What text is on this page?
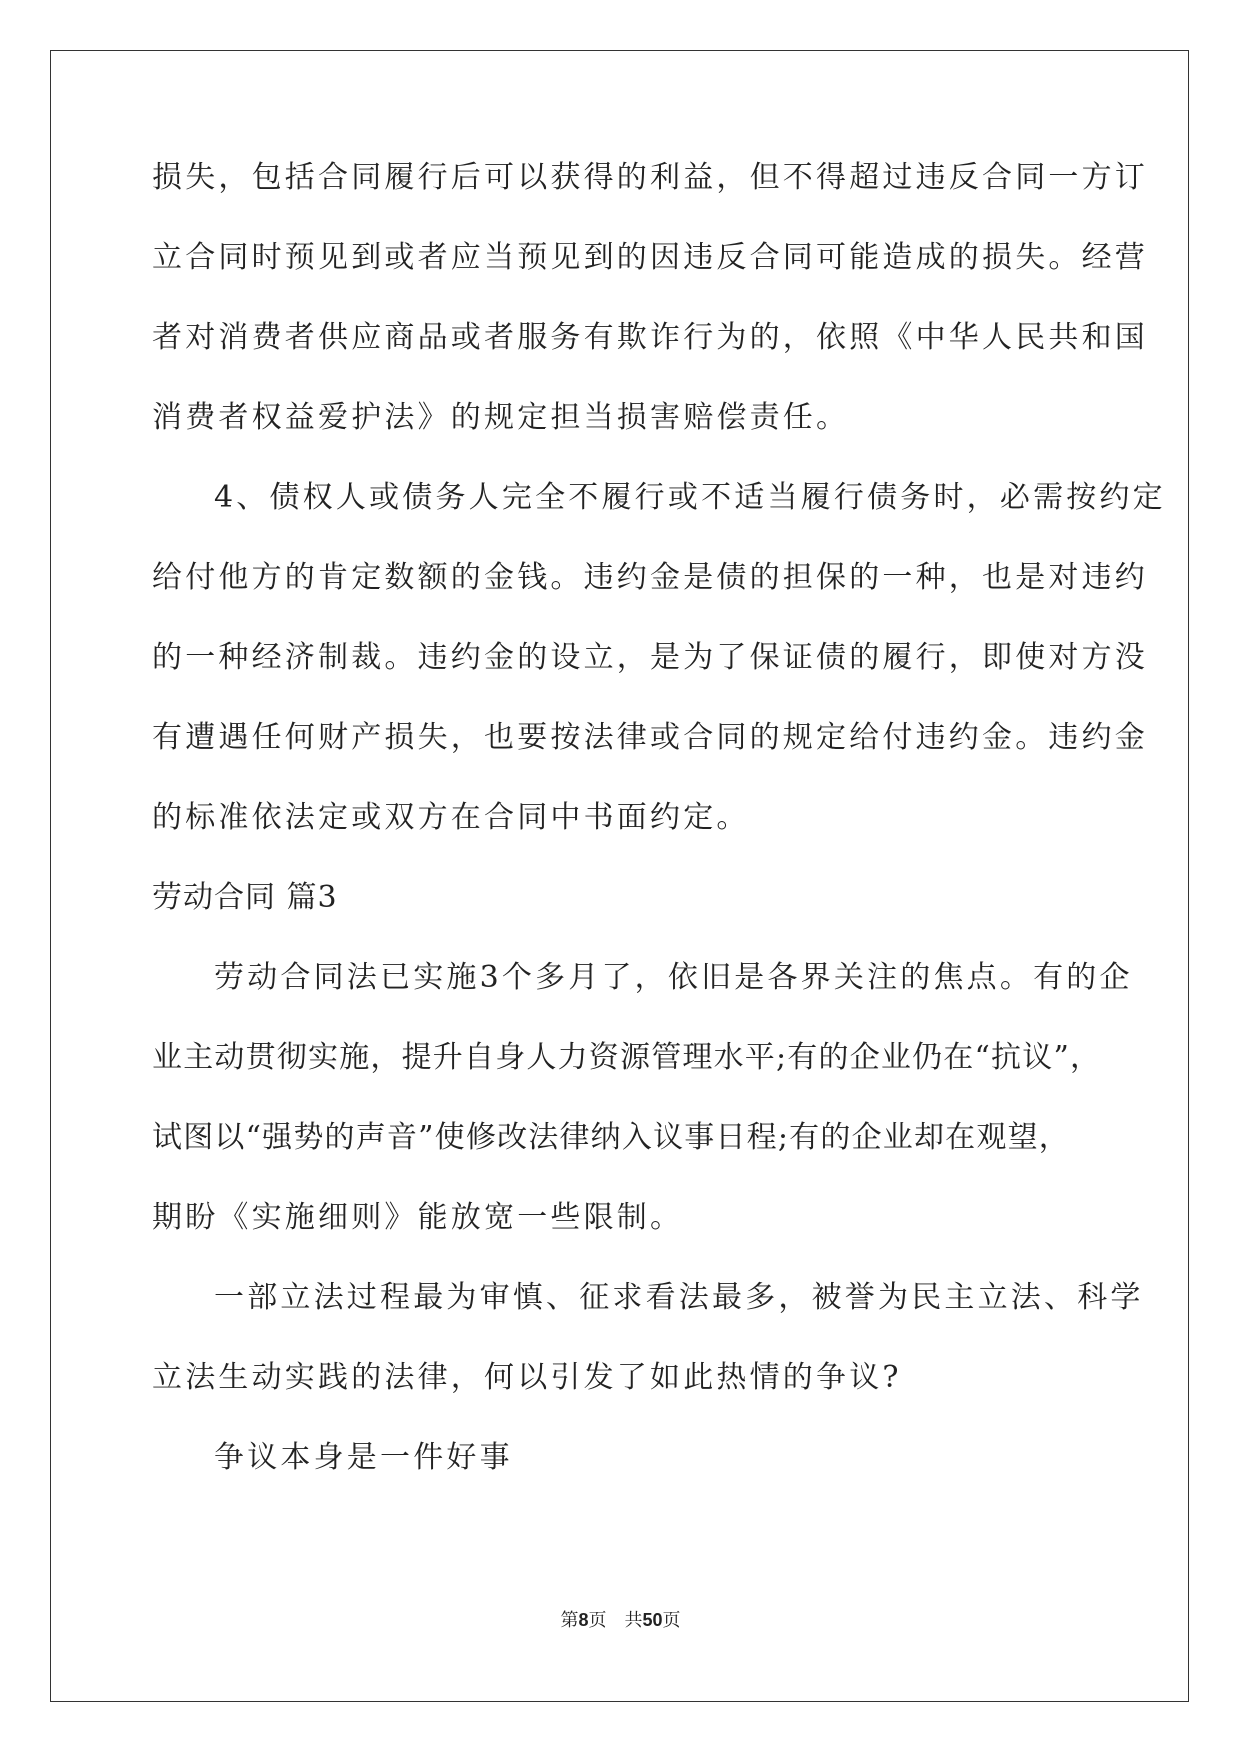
损失，包括合同履行后可以获得的利益，但不得超过违反合同一方订
立合同时预见到或者应当预见到的因违反合同可能造成的损失。经营
者对消费者供应商品或者服务有欺诈行为的，依照《中华人民共和国
消费者权益爱护法》的规定担当损害赔偿责任。
4、债权人或债务人完全不履行或不适当履行债务时，必需按约定
给付他方的肯定数额的金钱。违约金是债的担保的一种，也是对违约
的一种经济制裁。违约金的设立，是为了保证债的履行，即使对方没
有遭遇任何财产损失，也要按法律或合同的规定给付违约金。违约金
的标准依法定或双方在合同中书面约定。
劳动合同 篇3
劳动合同法已实施3个多月了，依旧是各界关注的焦点。有的企
业主动贯彻实施，提升自身人力资源管理水平;有的企业仍在“抗议”，
试图以“强势的声音”使修改法律纳入议事日程;有的企业却在观望，
期盼《实施细则》能放宽一些限制。
一部立法过程最为审慎、征求看法最多，被誉为民主立法、科学
立法生动实践的法律，何以引发了如此热情的争议?
争议本身是一件好事
第8页　共50页
